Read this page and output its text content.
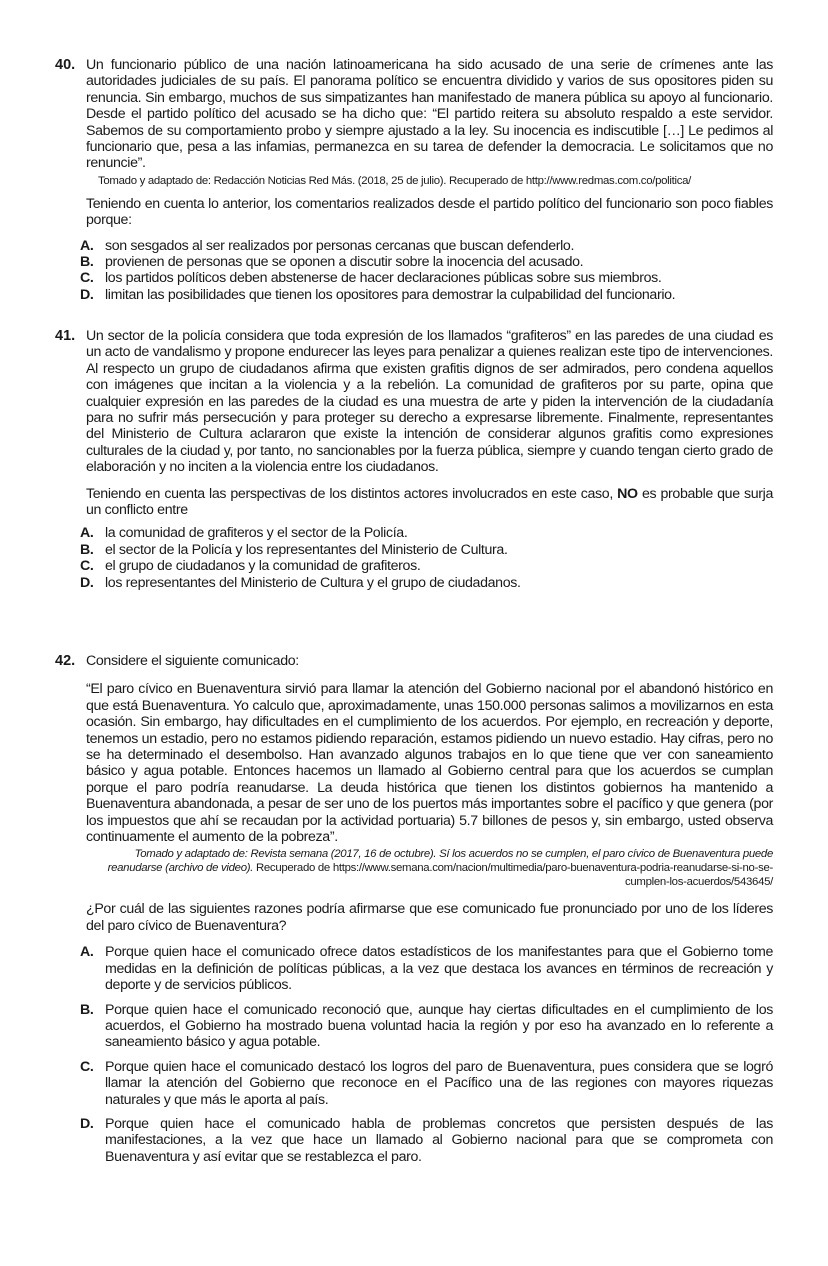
40. Un funcionario público de una nación latinoamericana ha sido acusado de una serie de crímenes ante las autoridades judiciales de su país. El panorama político se encuentra dividido y varios de sus opositores piden su renuncia. Sin embargo, muchos de sus simpatizantes han manifestado de manera pública su apoyo al funcionario. Desde el partido político del acusado se ha dicho que: “El partido reitera su absoluto respaldo a este servidor. Sabemos de su comportamiento probo y siempre ajustado a la ley. Su inocencia es indiscutible […] Le pedimos al funcionario que, pesa a las infamias, permanezca en su tarea de defender la democracia. Le solicitamos que no renuncie”.

Tomado y adaptado de: Redacción Noticias Red Más. (2018, 25 de julio). Recuperado de http://www.redmas.com.co/politica/

Teniendo en cuenta lo anterior, los comentarios realizados desde el partido político del funcionario son poco fiables porque:

A. son sesgados al ser realizados por personas cercanas que buscan defenderlo.
B. provienen de personas que se oponen a discutir sobre la inocencia del acusado.
C. los partidos políticos deben abstenerse de hacer declaraciones públicas sobre sus miembros.
D. limitan las posibilidades que tienen los opositores para demostrar la culpabilidad del funcionario.
41. Un sector de la policía considera que toda expresión de los llamados “grafiteros” en las paredes de una ciudad es un acto de vandalismo y propone endurecer las leyes para penalizar a quienes realizan este tipo de intervenciones. Al respecto un grupo de ciudadanos afirma que existen grafitis dignos de ser admirados, pero condena aquellos con imágenes que incitan a la violencia y a la rebelión. La comunidad de grafiteros por su parte, opina que cualquier expresión en las paredes de la ciudad es una muestra de arte y piden la intervención de la ciudadanía para no sufrir más persecución y para proteger su derecho a expresarse libremente. Finalmente, representantes del Ministerio de Cultura aclararon que existe la intención de considerar algunos grafitis como expresiones culturales de la ciudad y, por tanto, no sancionables por la fuerza pública, siempre y cuando tengan cierto grado de elaboración y no inciten a la violencia entre los ciudadanos.

Teniendo en cuenta las perspectivas de los distintos actores involucrados en este caso, NO es probable que surja un conflicto entre

A. la comunidad de grafiteros y el sector de la Policía.
B. el sector de la Policía y los representantes del Ministerio de Cultura.
C. el grupo de ciudadanos y la comunidad de grafiteros.
D. los representantes del Ministerio de Cultura y el grupo de ciudadanos.
42. Considere el siguiente comunicado:

“El paro cívico en Buenaventura sirvió para llamar la atención del Gobierno nacional por el abandonó histórico en que está Buenaventura. Yo calculo que, aproximadamente, unas 150.000 personas salimos a movilizarnos en esta ocasión. Sin embargo, hay dificultades en el cumplimiento de los acuerdos. Por ejemplo, en recreación y deporte, tenemos un estadio, pero no estamos pidiendo reparación, estamos pidiendo un nuevo estadio. Hay cifras, pero no se ha determinado el desembolso. Han avanzado algunos trabajos en lo que tiene que ver con saneamiento básico y agua potable. Entonces hacemos un llamado al Gobierno central para que los acuerdos se cumplan porque el paro podría reanudarse. La deuda histórica que tienen los distintos gobiernos ha mantenido a Buenaventura abandonada, a pesar de ser uno de los puertos más importantes sobre el pacífico y que genera (por los impuestos que ahí se recaudan por la actividad portuaria) 5.7 billones de pesos y, sin embargo, usted observa continuamente el aumento de la pobreza”.

Tomado y adaptado de: Revista semana (2017, 16 de octubre). Sí los acuerdos no se cumplen, el paro cívico de Buenaventura puede reanudarse (archivo de video). Recuperado de https://www.semana.com/nacion/multimedia/paro-buenaventura-podria-reanudarse-si-no-se-cumplen-los-acuerdos/543645/

¿Por cuál de las siguientes razones podría afirmarse que ese comunicado fue pronunciado por uno de los líderes del paro cívico de Buenaventura?

A. Porque quien hace el comunicado ofrece datos estadísticos de los manifestantes para que el Gobierno tome medidas en la definición de políticas públicas, a la vez que destaca los avances en términos de recreación y deporte y de servicios públicos.
B. Porque quien hace el comunicado reconoció que, aunque hay ciertas dificultades en el cumplimiento de los acuerdos, el Gobierno ha mostrado buena voluntad hacia la región y por eso ha avanzado en lo referente a saneamiento básico y agua potable.
C. Porque quien hace el comunicado destacó los logros del paro de Buenaventura, pues considera que se logró llamar la atención del Gobierno que reconoce en el Pacífico una de las regiones con mayores riquezas naturales y que más le aporta al país.
D. Porque quien hace el comunicado habla de problemas concretos que persisten después de las manifestaciones, a la vez que hace un llamado al Gobierno nacional para que se comprometa con Buenaventura y así evitar que se restablezca el paro.
